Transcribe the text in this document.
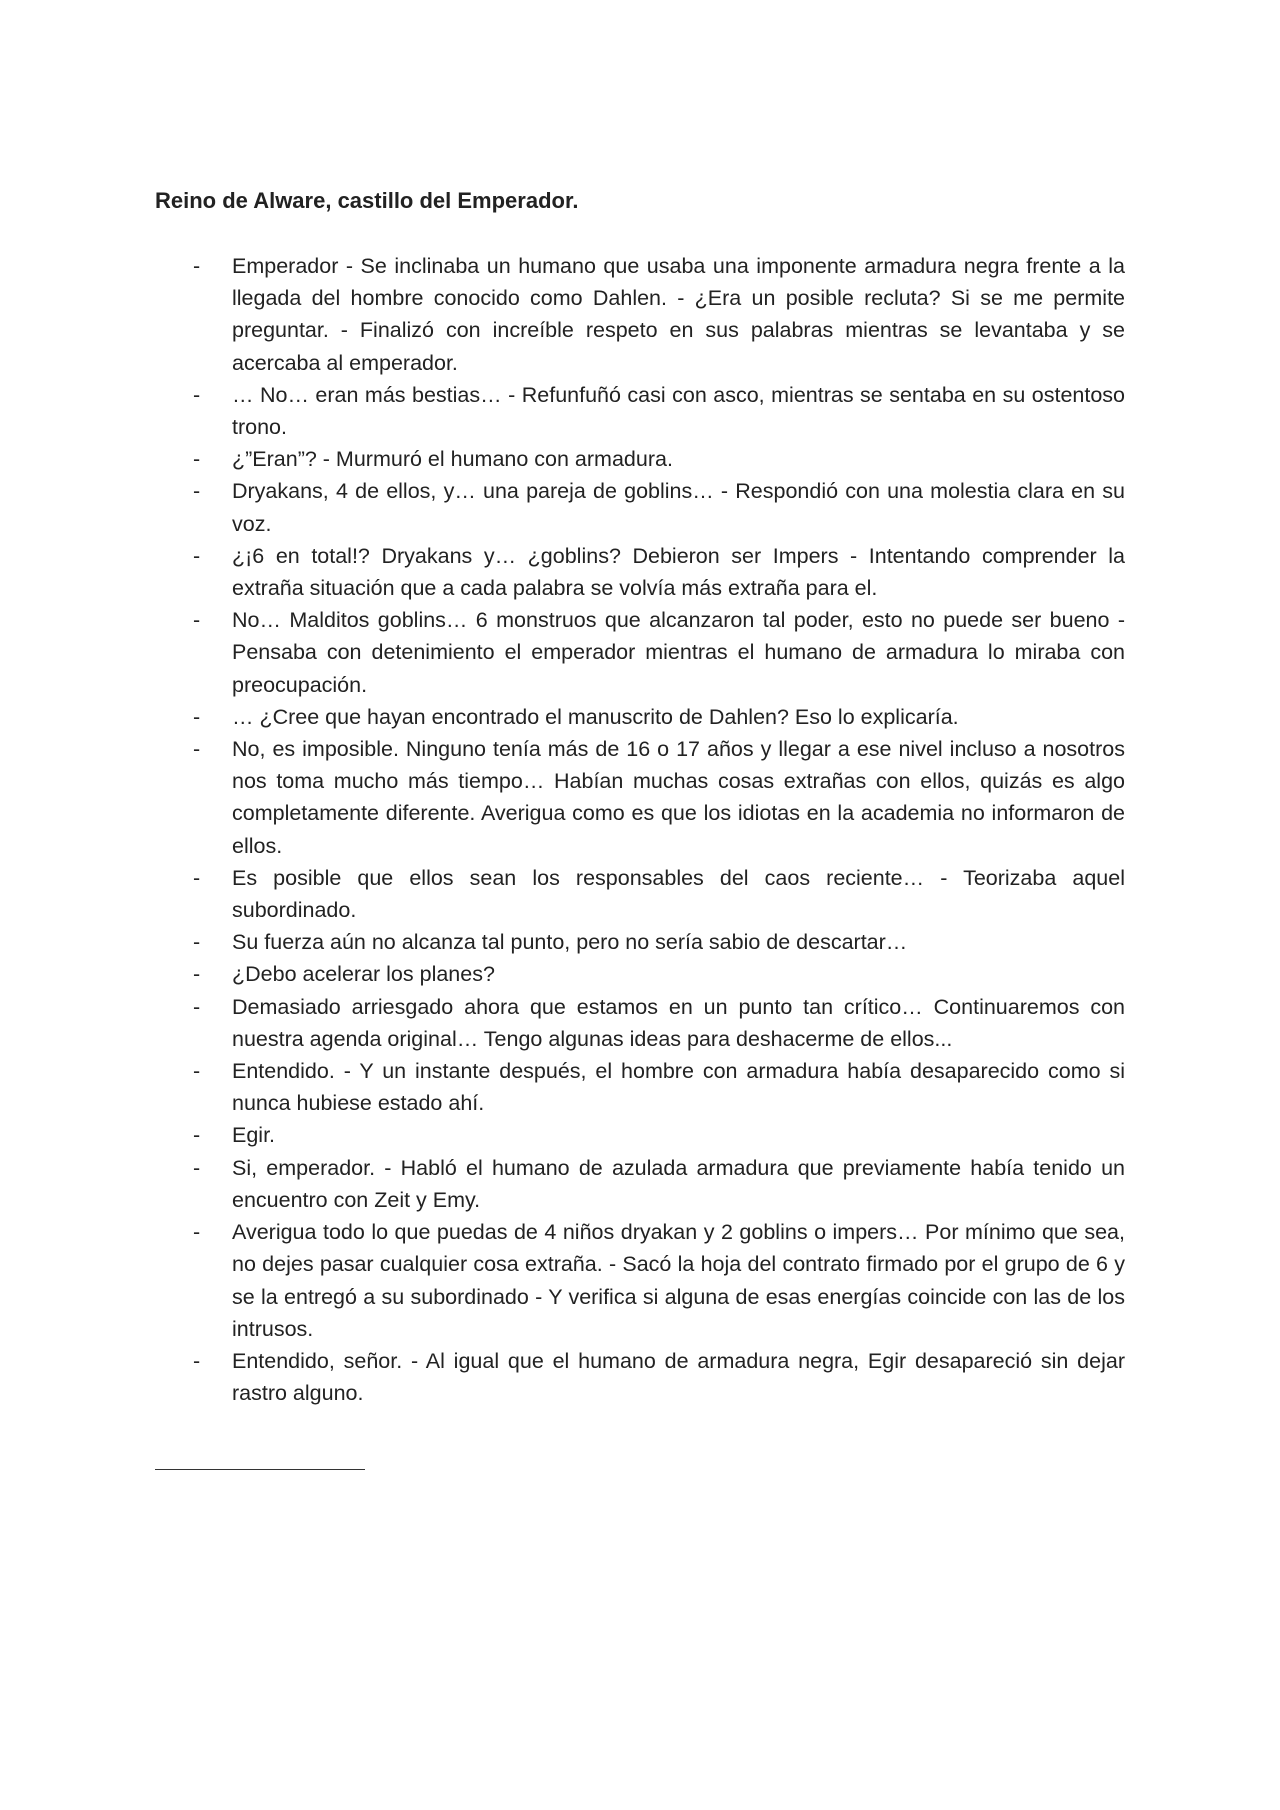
Reino de Alware, castillo del Emperador.
- Emperador - Se inclinaba un humano que usaba una imponente armadura negra frente a la llegada del hombre conocido como Dahlen. - ¿Era un posible recluta? Si se me permite preguntar. - Finalizó con increíble respeto en sus palabras mientras se levantaba y se acercaba al emperador.
- … No… eran más bestias… - Refunfuñó casi con asco, mientras se sentaba en su ostentoso trono.
- ¿”Eran”? - Murmuró el humano con armadura.
- Dryakans, 4 de ellos, y… una pareja de goblins… - Respondió con una molestia clara en su voz.
- ¿¡6 en total!? Dryakans y… ¿goblins? Debieron ser Impers - Intentando comprender la extraña situación que a cada palabra se volvía más extraña para el.
- No… Malditos goblins… 6 monstruos que alcanzaron tal poder, esto no puede ser bueno - Pensaba con detenimiento el emperador mientras el humano de armadura lo miraba con preocupación.
- … ¿Cree que hayan encontrado el manuscrito de Dahlen? Eso lo explicaría.
- No, es imposible. Ninguno tenía más de 16 o 17 años y llegar a ese nivel incluso a nosotros nos toma mucho más tiempo… Habían muchas cosas extrañas con ellos, quizás es algo completamente diferente. Averigua como es que los idiotas en la academia no informaron de ellos.
- Es posible que ellos sean los responsables del caos reciente… - Teorizaba aquel subordinado.
- Su fuerza aún no alcanza tal punto, pero no sería sabio de descartar…
- ¿Debo acelerar los planes?
- Demasiado arriesgado ahora que estamos en un punto tan crítico… Continuaremos con nuestra agenda original… Tengo algunas ideas para deshacerme de ellos...
- Entendido. - Y un instante después, el hombre con armadura había desaparecido como si nunca hubiese estado ahí.
- Egir.
- Si, emperador. - Habló el humano de azulada armadura que previamente había tenido un encuentro con Zeit y Emy.
- Averigua todo lo que puedas de 4 niños dryakan y 2 goblins o impers… Por mínimo que sea, no dejes pasar cualquier cosa extraña. - Sacó la hoja del contrato firmado por el grupo de 6 y se la entregó a su subordinado - Y verifica si alguna de esas energías coincide con las de los intrusos.
- Entendido, señor. - Al igual que el humano de armadura negra, Egir desapareció sin dejar rastro alguno.
